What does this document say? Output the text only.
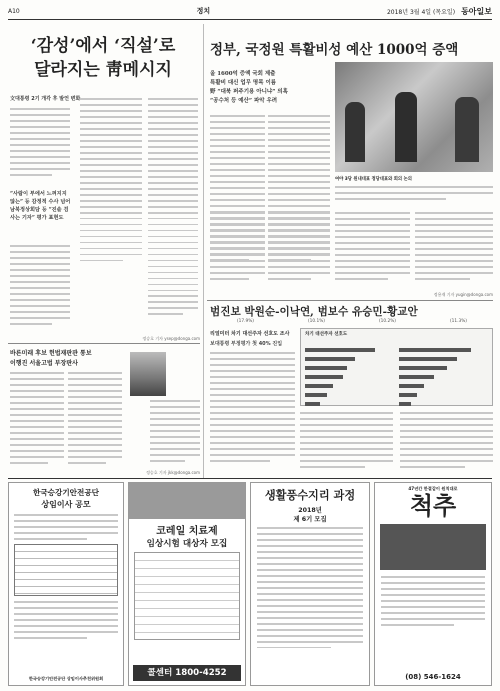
A10	정치	2018년 3월 4일 (목요일) 동아일보
‘감성’에서 ‘직설’로
달라지는 靑메시지
文대통령 2기 개각 후 발언 변화
“사람이 부에서 느껴지지 않는” 등 감정적 수사 넘어 남북정상회담 등 “진솔 검사는 기자” 평가 표현도
정승호 기자 ysep@donga.com
바른미래 후보 헌법재판관 통보
이행진 서울고법 부장판사
정승호 기자 jkk@donga.com
정부, 국정원 특활비성 예산 1000억 증액
올 1600억 증액 국회 제출
특활비 대신 업무 명목 이름
野 “대북 퍼주기용 아니냐” 의혹
“공수처 등 예산” 파악 우려
여야 3당 원내대표 정당대표와 회의 논의
정용재 기자 yugin@donga.com
범진보 박원순-이낙연, 범보수 유승민-황교안
(17.9%)	(10.1%)	(10.2%)	(11.3%)
리얼미터 차기 대선주자 선호도 조사
보대통령 부정평가 첫 40% 진입
차기 대선주자 선호도
한국승강기안전공단
상임이사 공모
한국승강기안전공단 상임이사추천위원회
코레일 치료제
임상시험 대상자 모집
콜센터 1800-4252
생활풍수지리 과정
2018년
제 6기 모집
47년간 한결같이 원칙대로
척추
(08) 546-1624
